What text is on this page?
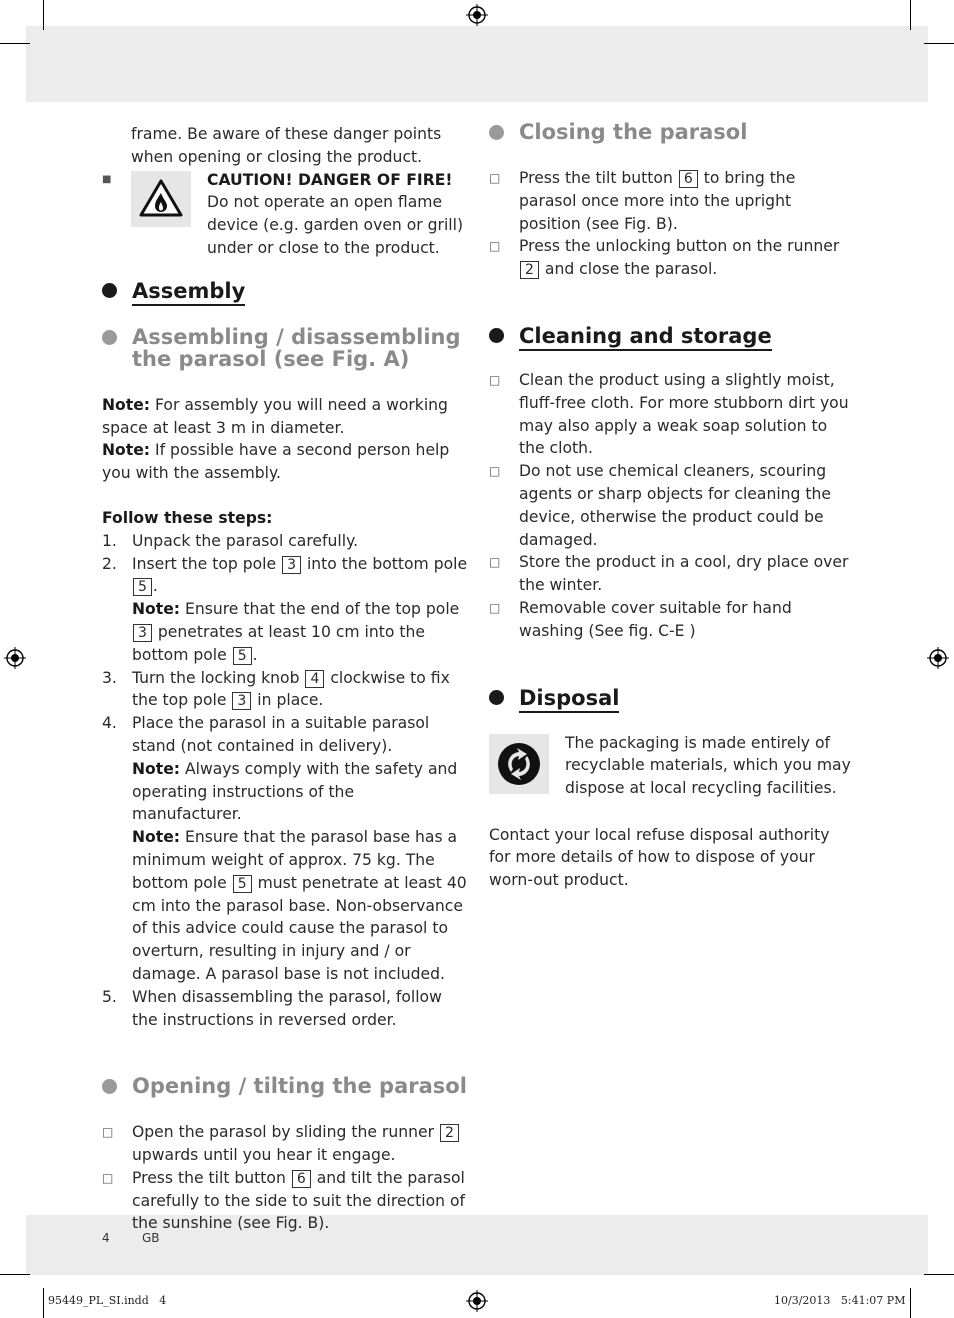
frame. Be aware of these danger points when opening or closing the product.

■	CAUTION! DANGER OF FIRE! Do not operate an open flame device (e.g. garden oven or grill) under or close to the product.

Assembly
Assembling / disassembling
the parasol (see Fig. A)

Note: For assembly you will need a working space at least 3 m in diameter.

Note: If possible have a second person help you with the assembly.

Follow these steps:

1. Unpack the parasol carefully.
2. Insert the top pole 3 into the bottom pole 5 .
Note: Ensure that the end of the top pole 3 penetrates at least 10 cm into the bottom pole 5 .
3. Turn the locking knob 4 clockwise to fix the top pole 3 in place.
4. Place the parasol in a suitable parasol stand (not contained in delivery).
Note: Always comply with the safety and operating instructions of the manufacturer.
Note: Ensure that the parasol base has a minimum weight of approx. 75 kg. The bottom pole 5 must penetrate at least 40 cm into the parasol base. Non-observance of this advice could cause the parasol to overturn, resulting in injury and / or damage. A parasol base is not included.
5. When disassembling the parasol, follow the instructions in reversed order.
Opening / tilting the parasol
□	Open the parasol by sliding the runner 2 upwards until you hear it engage.
□	Press the tilt button 6 and tilt the parasol carefully to the side to suit the direction of the sunshine (see Fig. B).
Closing the parasol
□	Press the tilt button 6 to bring the parasol once more into the upright position (see Fig. B).
□	Press the unlocking button on the runner 2 and close the parasol.
Cleaning and storage
□	Clean the product using a slightly moist, fluff-free cloth. For more stubborn dirt you may also apply a weak soap solution to the cloth.
□	Do not use chemical cleaners, scouring agents or sharp objects for cleaning the device, otherwise the product could be damaged.
□	Store the product in a cool, dry place over the winter.
□	Removable cover suitable for hand washing (See fig. C-E )
Disposal

The packaging is made entirely of recyclable materials, which you may dispose at local recycling facilities.

Contact your local refuse disposal authority for more details of how to dispose of your worn-out product.

4	GB
95449_PL_SI.indd   4	10/3/2013   5:41:07 PM
